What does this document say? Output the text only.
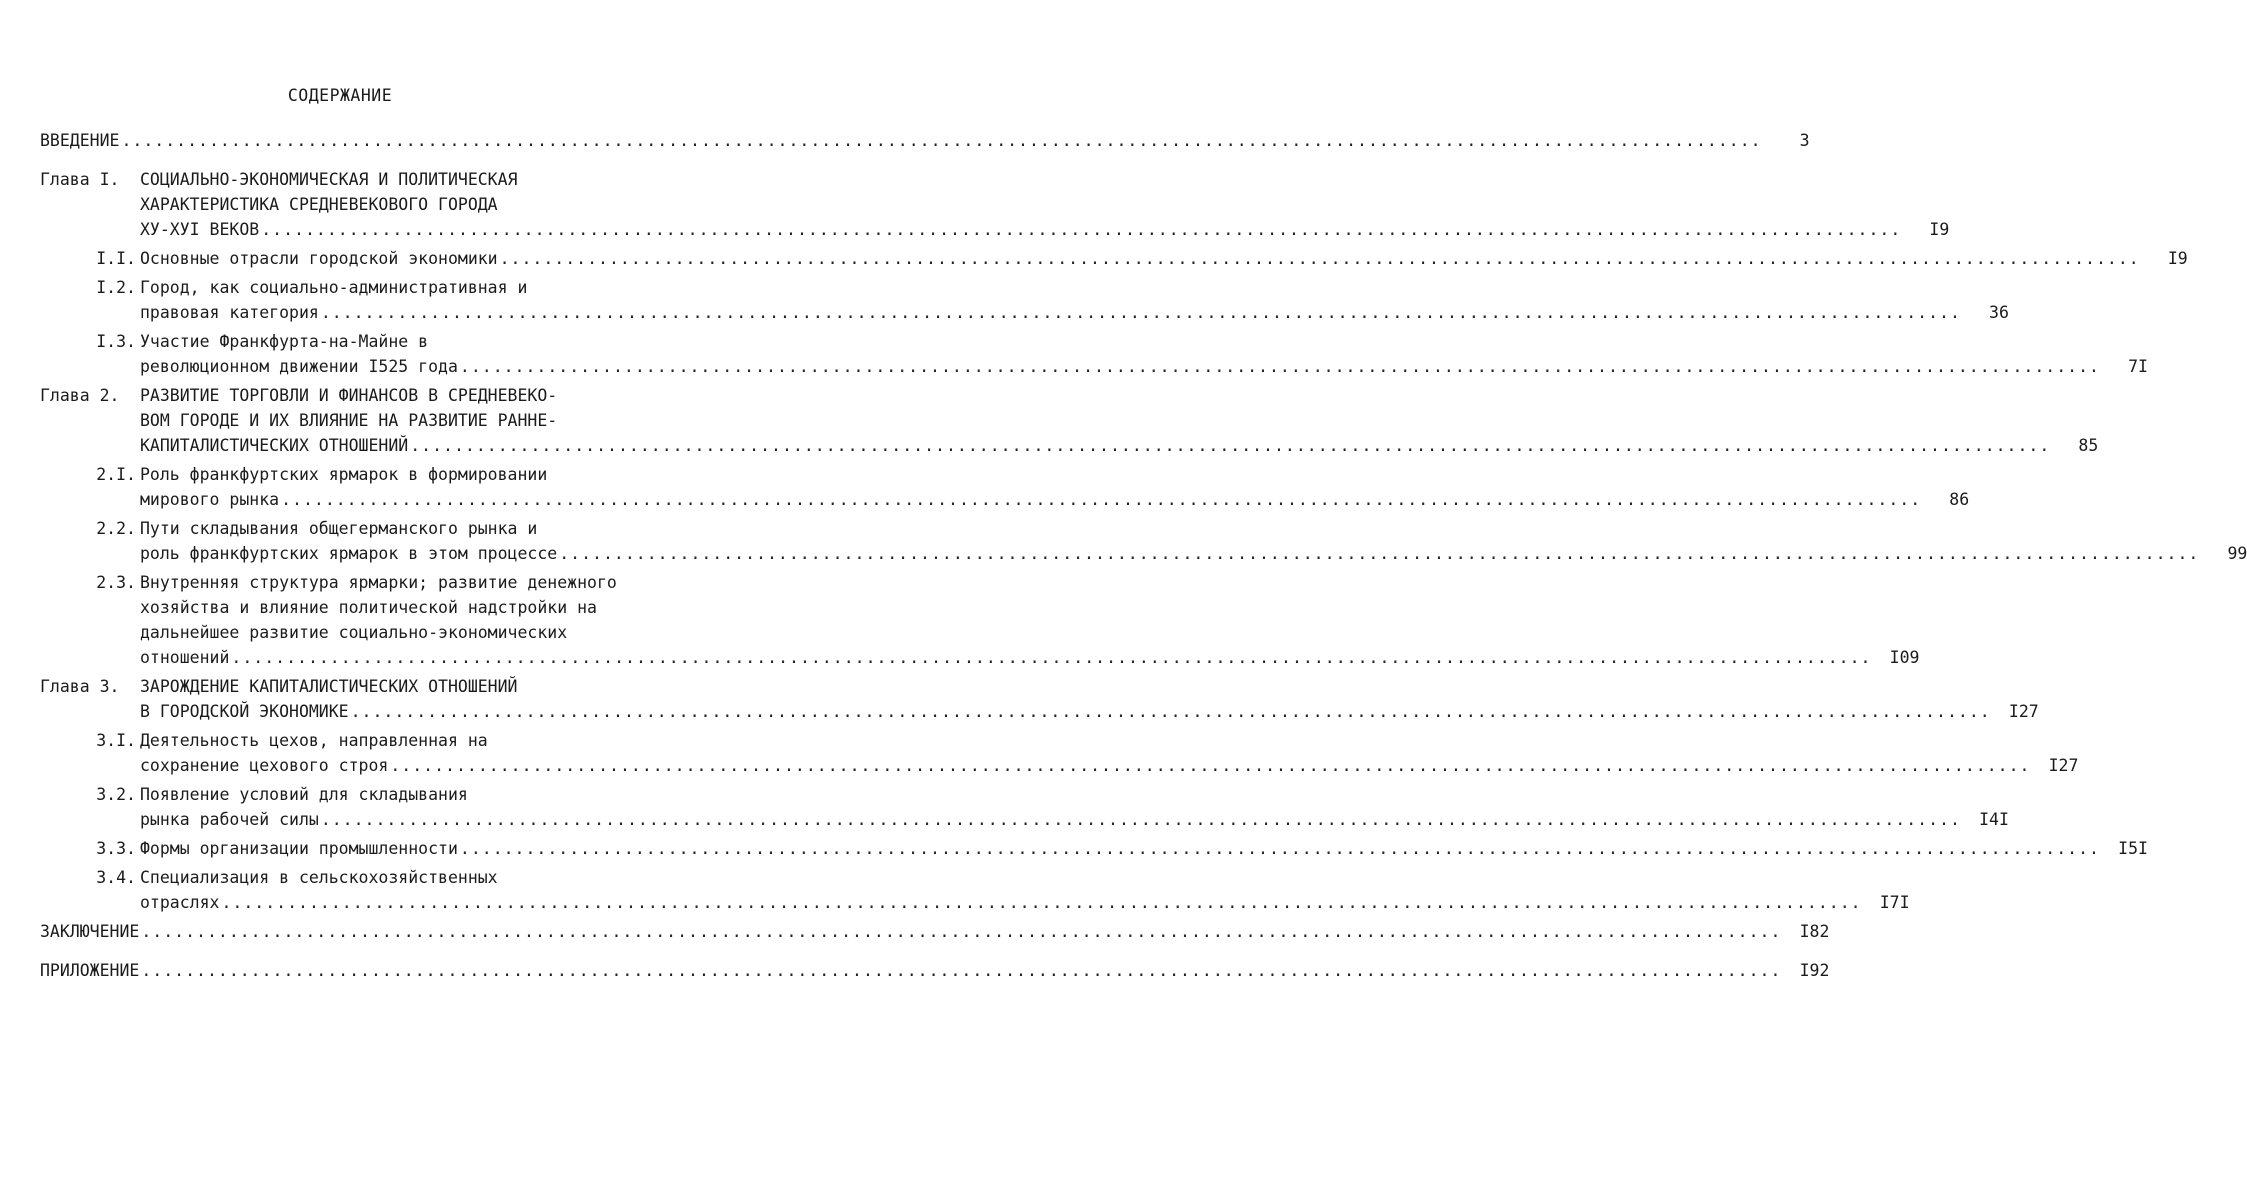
СОДЕРЖАНИЕ
ВВЕДЕНИЕ .....	3
Глава I.	СОЦИАЛЬНО-ЭКОНОМИЧЕСКАЯ И ПОЛИТИЧЕСКАЯ
ХАРАКТЕРИСТИКА СРЕДНЕВЕКОВОГО ГОРОДА
ХУ-ХУI ВЕКОВ .....	I9
I.I. Основные отрасли городской экономики .....	I9
I.2. Город, как социально-административная и
правовая категория .....	36
I.3. Участие Франкфурта-на-Майне в
революционном движении I525 года .....	7I
Глава 2.	РАЗВИТИЕ ТОРГОВЛИ И ФИНАНСОВ В СРЕДНЕВЕКО-
ВОМ ГОРОДЕ И ИХ ВЛИЯНИЕ НА РАЗВИТИЕ РАННЕ-
КАПИТАЛИСТИЧЕСКИХ ОТНОШЕНИЙ .....	85
2.I. Роль франкфуртских ярмарок в формировании
мирового рынка .....	86
2.2. Пути складывания общегерманского рынка и
роль франкфуртских ярмарок в этом процессе .....	99
2.3. Внутренняя структура ярмарки; развитие денежного
хозяйства и влияние политической надстройки на
дальнейшее развитие социально-экономических
отношений .....	I09
Глава 3.	ЗАРОЖДЕНИЕ КАПИТАЛИСТИЧЕСКИХ ОТНОШЕНИЙ
В ГОРОДСКОЙ ЭКОНОМИКЕ .....	I27
3.I. Деятельность цехов, направленная на
сохранение цехового строя .....	I27
3.2. Появление условий для складывания
рынка рабочей силы .....	I4I
3.3. Формы организации промышленности .....	I5I
3.4. Специализация в сельскохозяйственных
отраслях .....	I7I
ЗАКЛЮЧЕНИЕ .....	I82
ПРИЛОЖЕНИЕ .....	I92
